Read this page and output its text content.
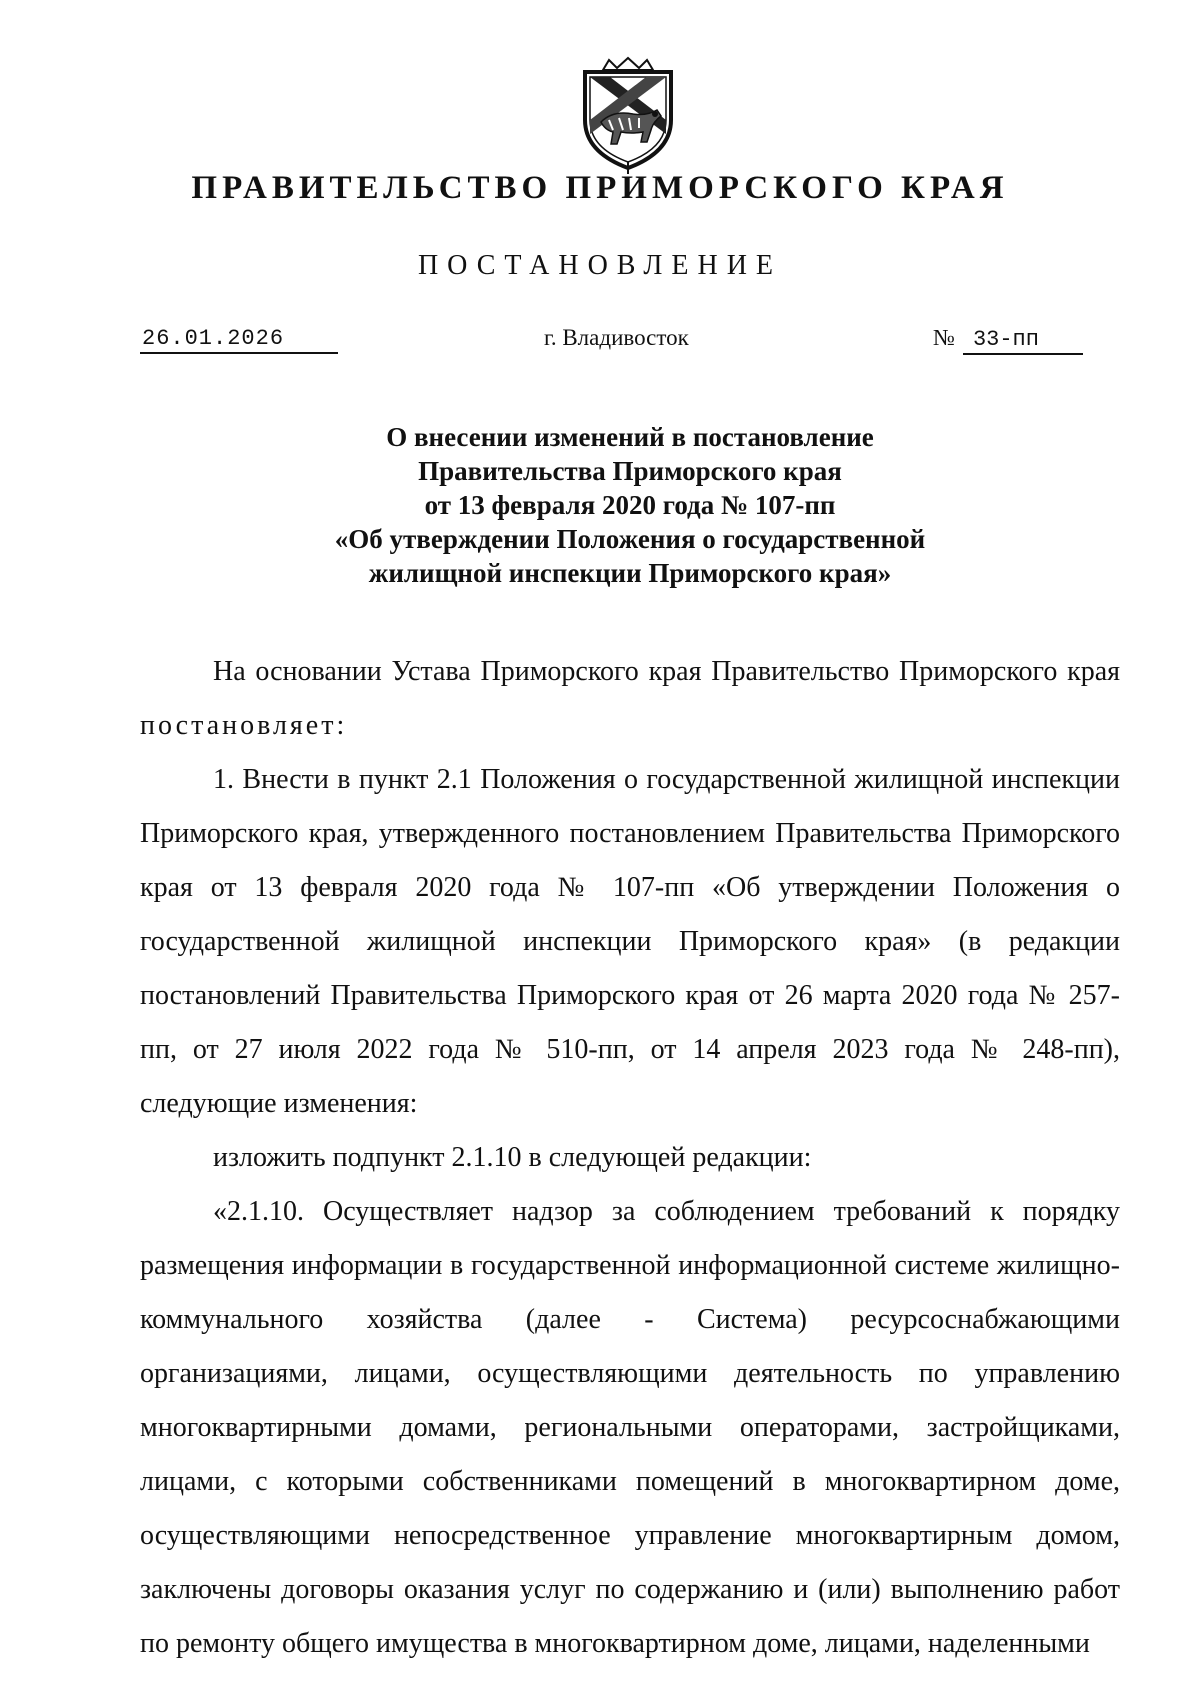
ПРАВИТЕЛЬСТВО ПРИМОРСКОГО КРАЯ
ПОСТАНОВЛЕНИЕ
26.01.2026	г. Владивосток	№ 33-пп
О внесении изменений в постановление
Правительства Приморского края
от 13 февраля 2020 года № 107-пп
«Об утверждении Положения о государственной
жилищной инспекции Приморского края»

На основании Устава Приморского края Правительство Приморского края постановляет:

1. Внести в пункт 2.1 Положения о государственной жилищной инспекции Приморского края, утвержденного постановлением Правительства Приморского края от 13 февраля 2020 года № 107-пп «Об утверждении Положения о государственной жилищной инспекции Приморского края» (в редакции постановлений Правительства Приморского края от 26 марта 2020 года № 257-пп, от 27 июля 2022 года № 510-пп, от 14 апреля 2023 года № 248-пп), следующие изменения:

изложить подпункт 2.1.10 в следующей редакции:

«2.1.10. Осуществляет надзор за соблюдением требований к порядку размещения информации в государственной информационной системе жилищно-коммунального хозяйства (далее - Система) ресурсоснабжающими организациями, лицами, осуществляющими деятельность по управлению многоквартирными домами, региональными операторами, застройщиками, лицами, с которыми собственниками помещений в многоквартирном доме, осуществляющими непосредственное управление многоквартирным домом, заключены договоры оказания услуг по содержанию и (или) выполнению работ по ремонту общего имущества в многоквартирном доме, лицами, наделенными
